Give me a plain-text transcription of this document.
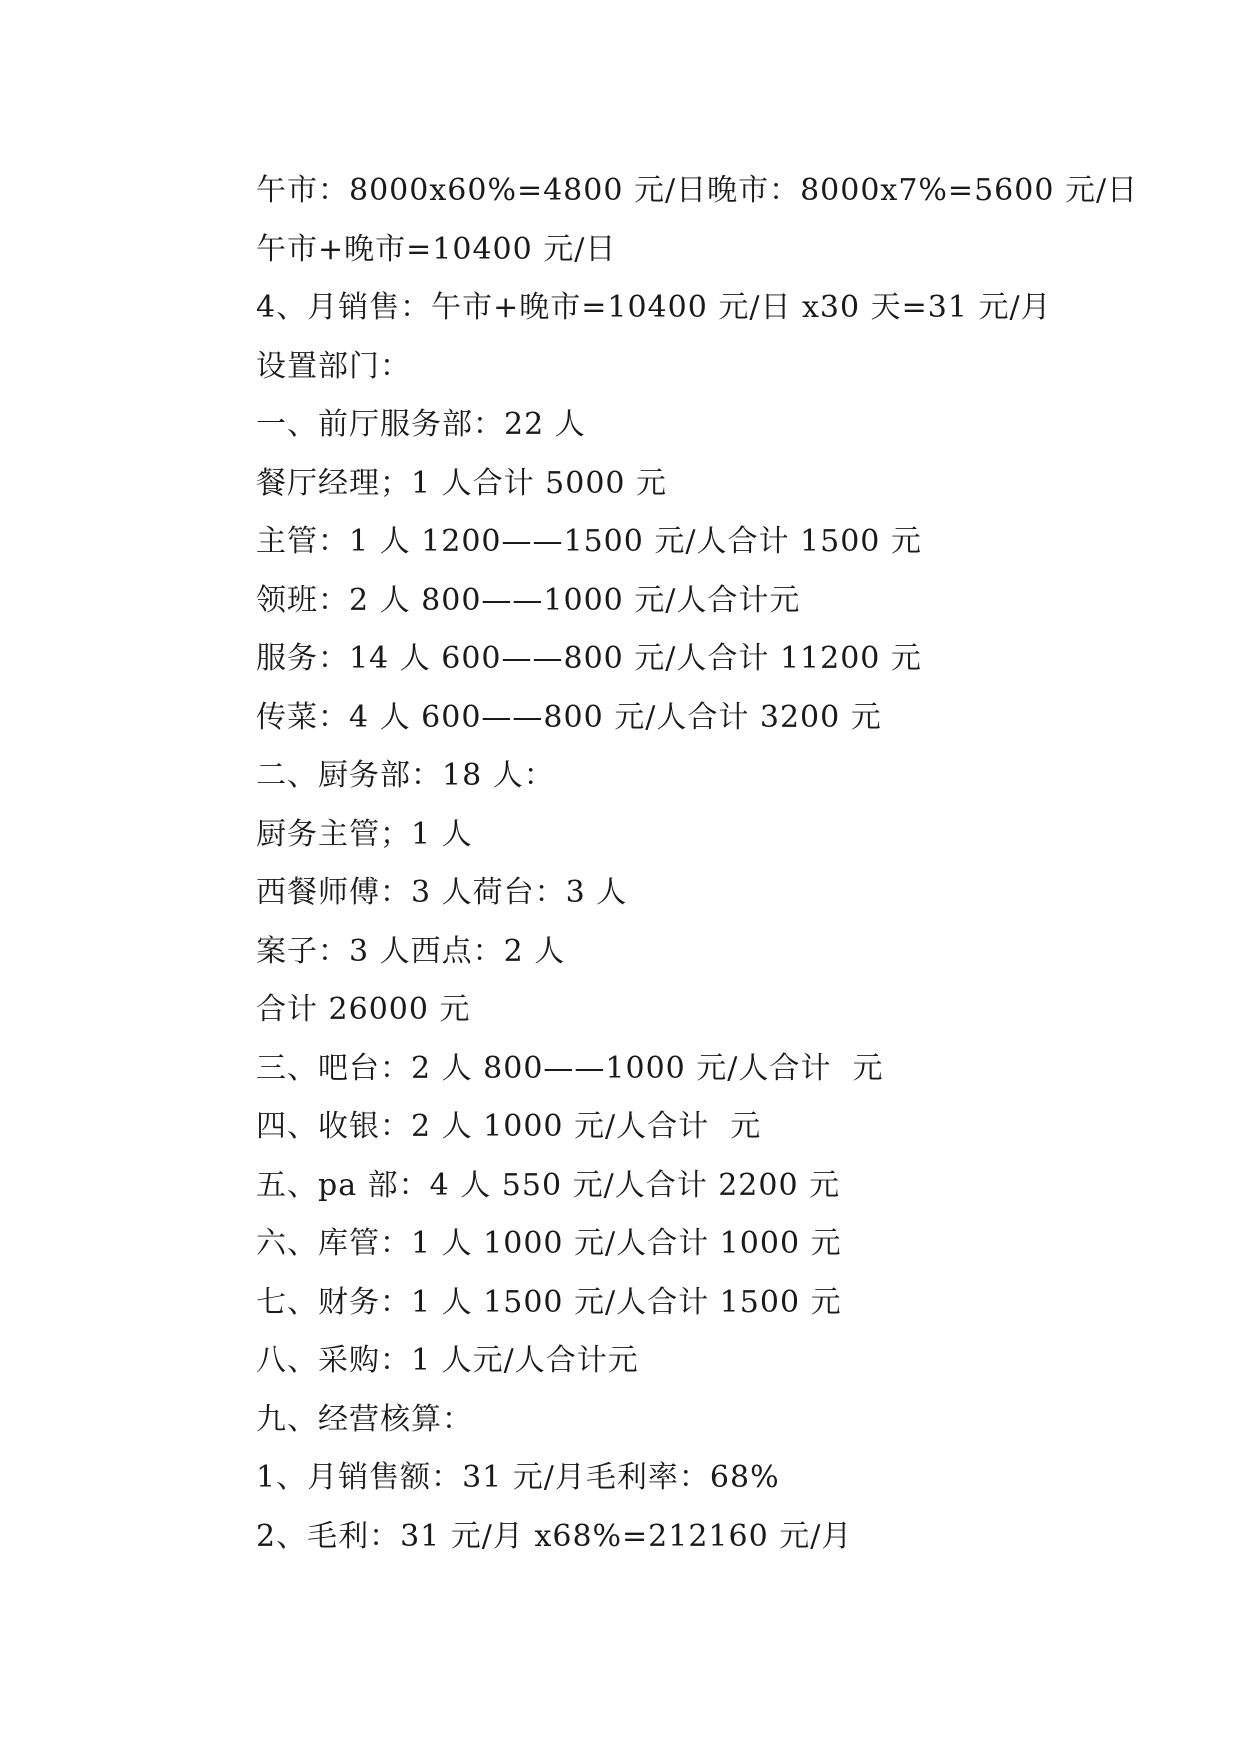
午市：8000x60%=4800 元/日晚市：8000x7%=5600 元/日
午市+晚市=10400 元/日
4、月销售：午市+晚市=10400 元/日 x30 天=31 元/月
设置部门：
一、前厅服务部：22 人
餐厅经理；1 人合计 5000 元
主管：1 人 1200——1500 元/人合计 1500 元
领班：2 人 800——1000 元/人合计元
服务：14 人 600——800 元/人合计 11200 元
传菜：4 人 600——800 元/人合计 3200 元
二、厨务部：18 人：
厨务主管；1 人
西餐师傅：3 人荷台：3 人
案子：3 人西点：2 人
合计 26000 元
三、吧台：2 人 800——1000 元/人合计  元
四、收银：2 人 1000 元/人合计  元
五、pa 部：4 人 550 元/人合计 2200 元
六、库管：1 人 1000 元/人合计 1000 元
七、财务：1 人 1500 元/人合计 1500 元
八、采购：1 人元/人合计元
九、经营核算：
1、月销售额：31 元/月毛利率：68%
2、毛利：31 元/月 x68%=212160 元/月
